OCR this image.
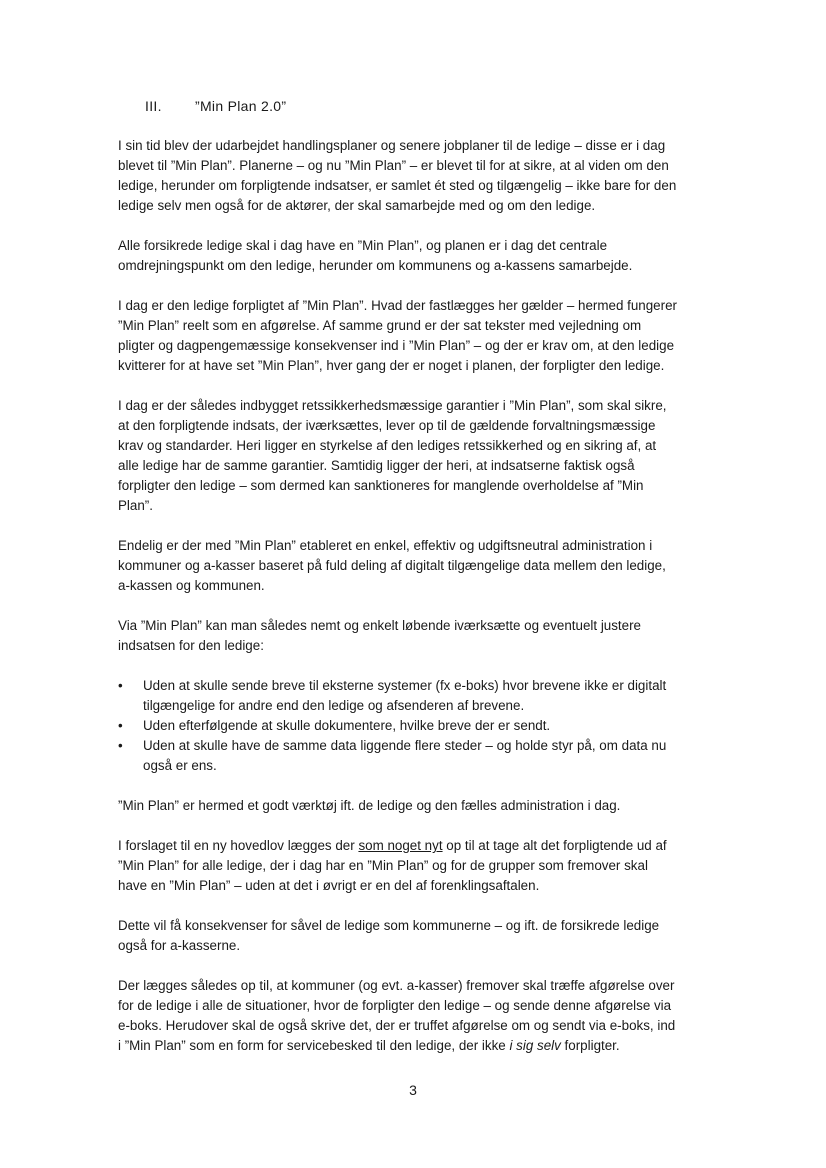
III. ”Min Plan 2.0”

I sin tid blev der udarbejdet handlingsplaner og senere jobplaner til de ledige – disse er i dag blevet til ”Min Plan”. Planerne – og nu ”Min Plan” – er blevet til for at sikre, at al viden om den ledige, herunder om forpligtende indsatser, er samlet ét sted og tilgængelig – ikke bare for den ledige selv men også for de aktører, der skal samarbejde med og om den ledige.

Alle forsikrede ledige skal i dag have en ”Min Plan”, og planen er i dag det centrale omdrejningspunkt om den ledige, herunder om kommunens og a-kassens samarbejde.

I dag er den ledige forpligtet af ”Min Plan”. Hvad der fastlægges her gælder – hermed fungerer ”Min Plan” reelt som en afgørelse. Af samme grund er der sat tekster med vejledning om pligter og dagpengemæssige konsekvenser ind i ”Min Plan” – og der er krav om, at den ledige kvitterer for at have set ”Min Plan”, hver gang der er noget i planen, der forpligter den ledige.

I dag er der således indbygget retssikkerhedsmæssige garantier i ”Min Plan”, som skal sikre, at den forpligtende indsats, der iværksættes, lever op til de gældende forvaltningsmæssige krav og standarder. Heri ligger en styrkelse af den lediges retssikkerhed og en sikring af, at alle ledige har de samme garantier. Samtidig ligger der heri, at indsatserne faktisk også forpligter den ledige – som dermed kan sanktioneres for manglende overholdelse af ”Min Plan”.

Endelig er der med ”Min Plan” etableret en enkel, effektiv og udgiftsneutral administration i kommuner og a-kasser baseret på fuld deling af digitalt tilgængelige data mellem den ledige, a-kassen og kommunen.

Via ”Min Plan” kan man således nemt og enkelt løbende iværksætte og eventuelt justere indsatsen for den ledige:

• Uden at skulle sende breve til eksterne systemer (fx e-boks) hvor brevene ikke er digitalt tilgængelige for andre end den ledige og afsenderen af brevene.
• Uden efterfølgende at skulle dokumentere, hvilke breve der er sendt.
• Uden at skulle have de samme data liggende flere steder – og holde styr på, om data nu også er ens.

”Min Plan” er hermed et godt værktøj ift. de ledige og den fælles administration i dag.

I forslaget til en ny hovedlov lægges der som noget nyt op til at tage alt det forpligtende ud af ”Min Plan” for alle ledige, der i dag har en ”Min Plan” og for de grupper som fremover skal have en ”Min Plan” – uden at det i øvrigt er en del af forenklingsaftalen.

Dette vil få konsekvenser for såvel de ledige som kommunerne – og ift. de forsikrede ledige også for a-kasserne.

Der lægges således op til, at kommuner (og evt. a-kasser) fremover skal træffe afgørelse over for de ledige i alle de situationer, hvor de forpligter den ledige – og sende denne afgørelse via e-boks. Herudover skal de også skrive det, der er truffet afgørelse om og sendt via e-boks, ind i ”Min Plan” som en form for servicebesked til den ledige, der ikke i sig selv forpligter.

3
